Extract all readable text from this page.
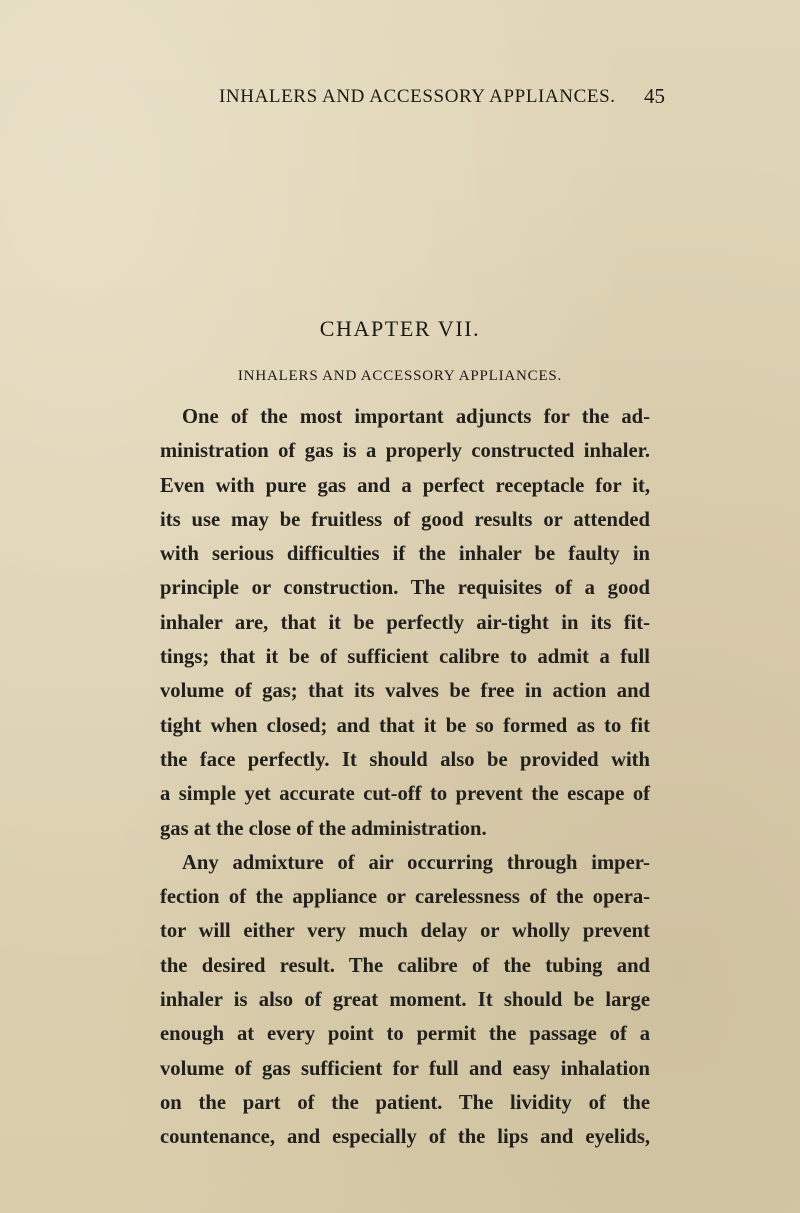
INHALERS AND ACCESSORY APPLIANCES. 45
CHAPTER VII.
INHALERS AND ACCESSORY APPLIANCES.
One of the most important adjuncts for the ad-
ministration of gas is a properly constructed inhaler.
Even with pure gas and a perfect receptacle for it,
its use may be fruitless of good results or attended
with serious difficulties if the inhaler be faulty in
principle or construction. The requisites of a good
inhaler are, that it be perfectly air-tight in its fit-
tings; that it be of sufficient calibre to admit a full
volume of gas; that its valves be free in action and
tight when closed; and that it be so formed as to fit
the face perfectly. It should also be provided with
a simple yet accurate cut-off to prevent the escape of
gas at the close of the administration.
Any admixture of air occurring through imper-
fection of the appliance or carelessness of the opera-
tor will either very much delay or wholly prevent
the desired result. The calibre of the tubing and
inhaler is also of great moment. It should be large
enough at every point to permit the passage of a
volume of gas sufficient for full and easy inhalation
on the part of the patient. The lividity of the
countenance, and especially of the lips and eyelids,
